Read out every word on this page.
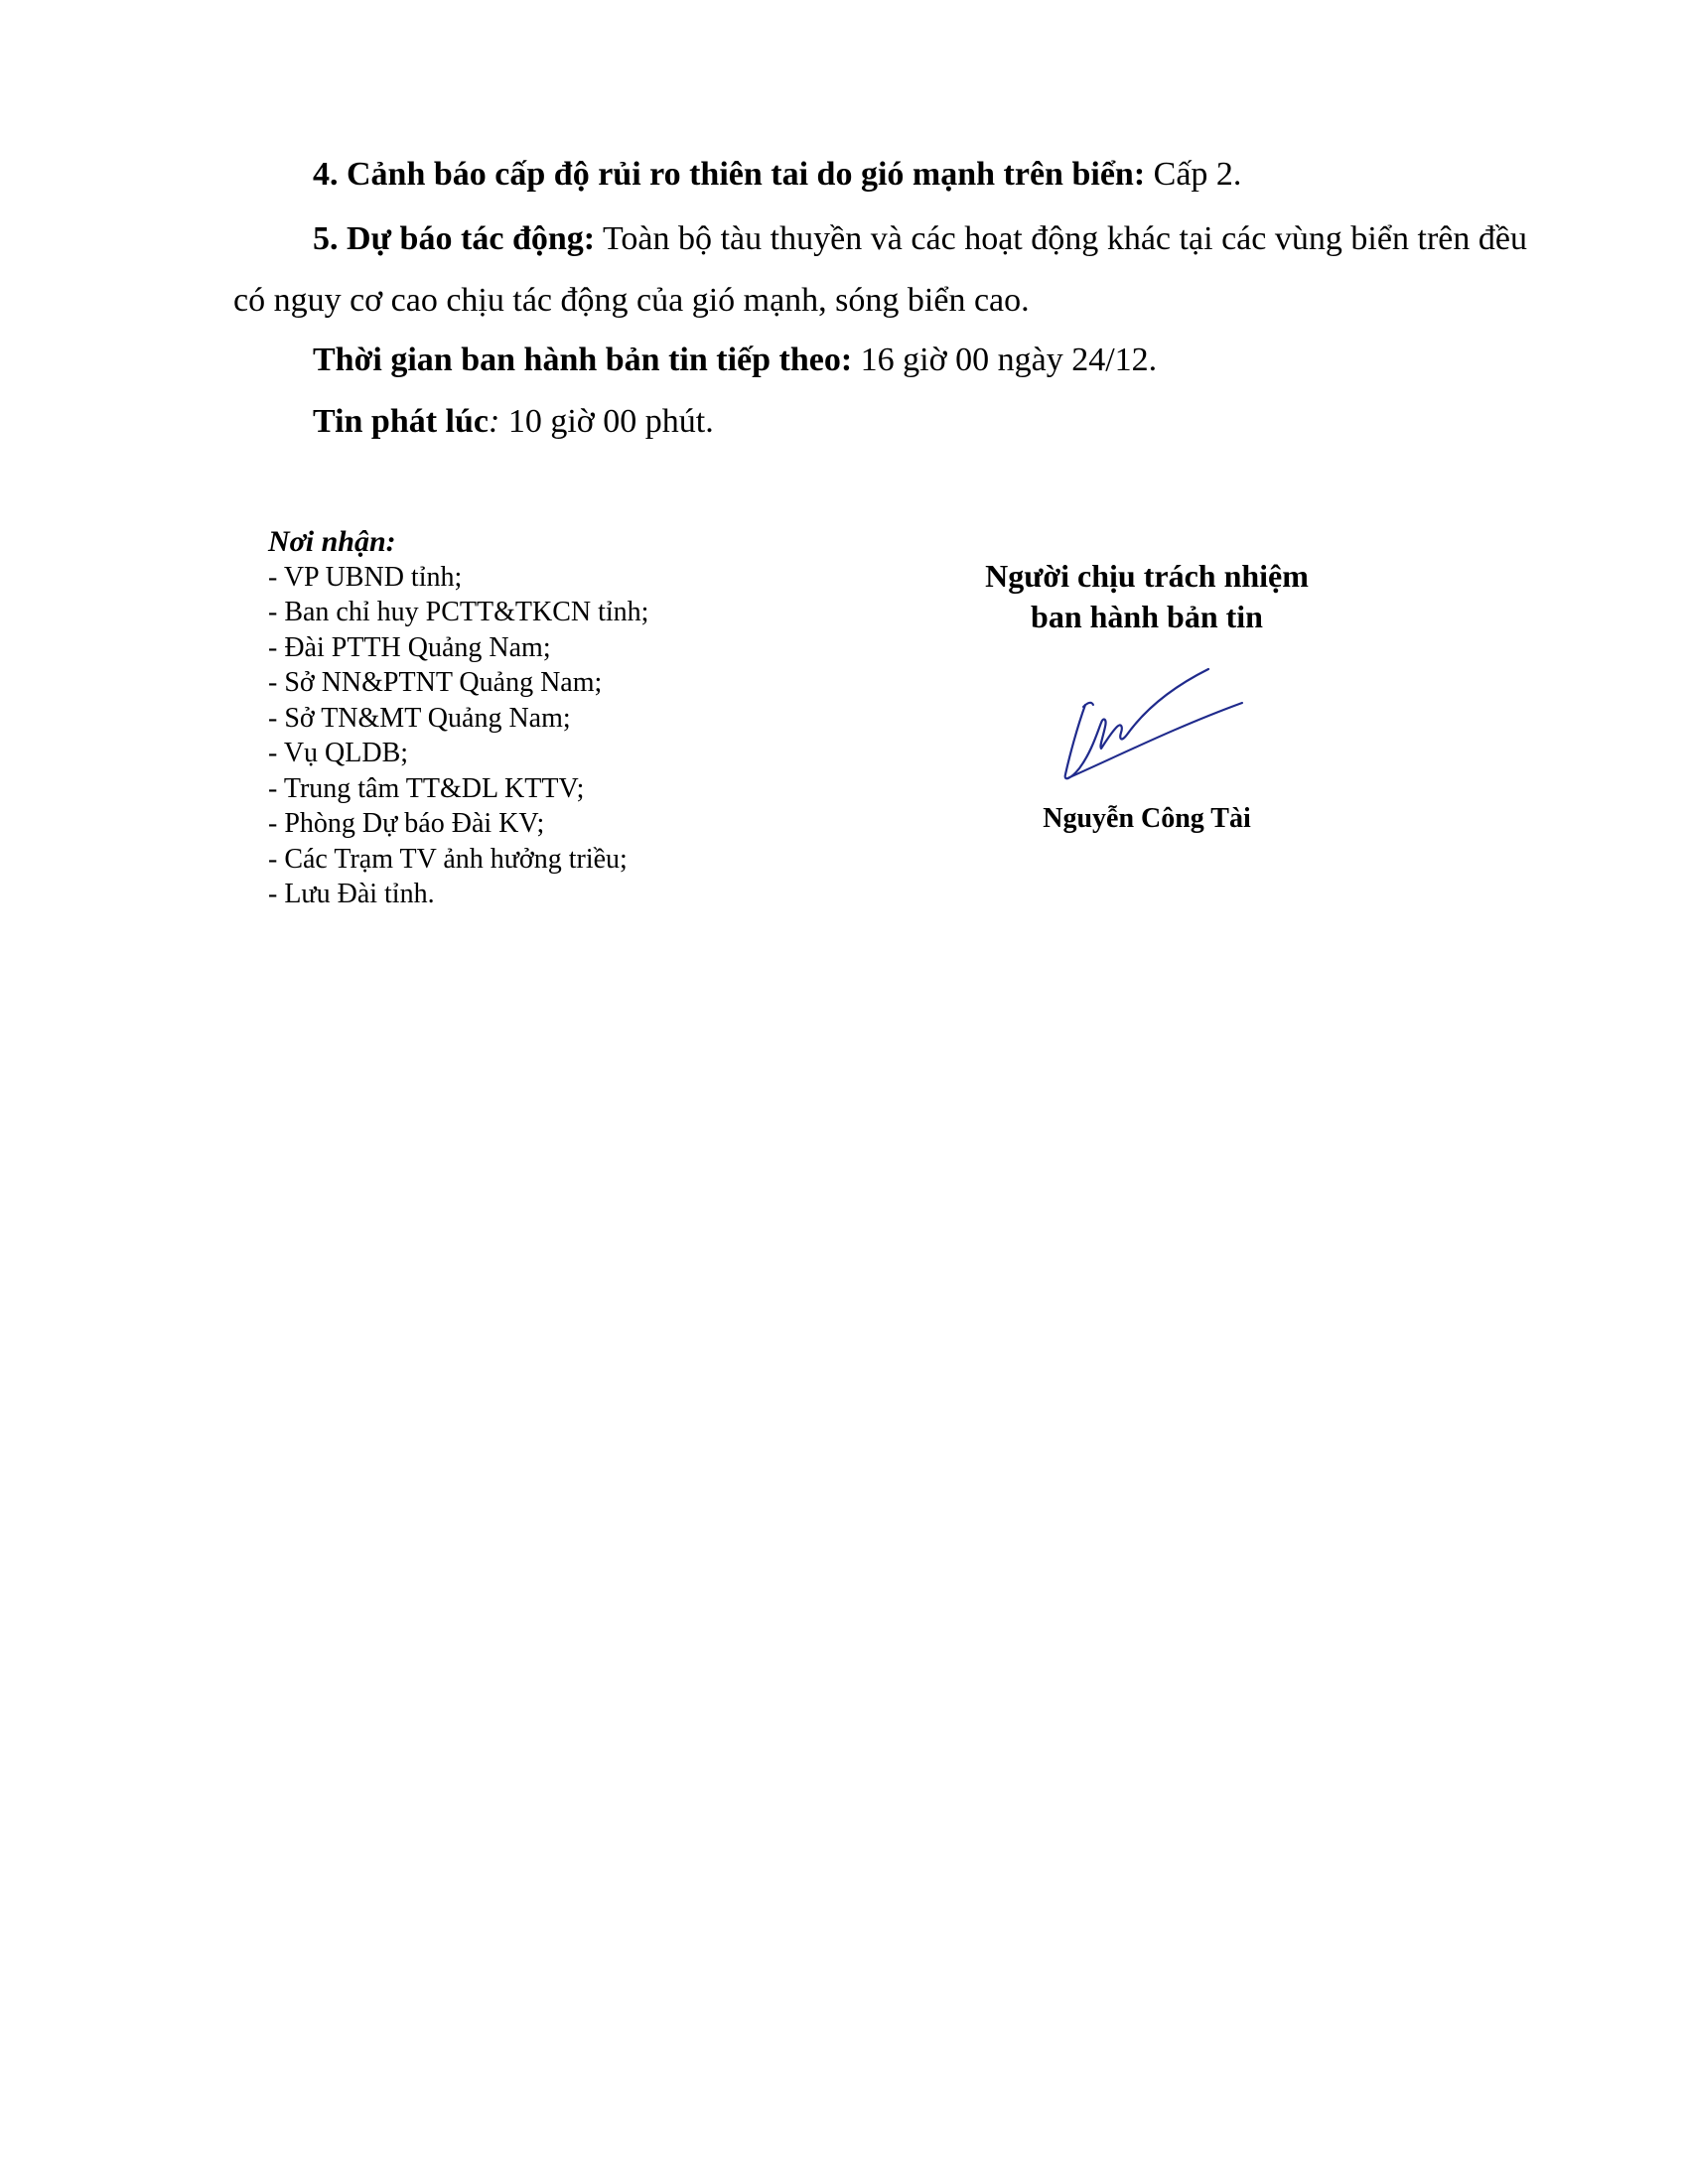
4. Cảnh báo cấp độ rủi ro thiên tai do gió mạnh trên biển: Cấp 2.

5. Dự báo tác động: Toàn bộ tàu thuyền và các hoạt động khác tại các vùng biển trên đều có nguy cơ cao chịu tác động của gió mạnh, sóng biển cao.

Thời gian ban hành bản tin tiếp theo: 16 giờ 00 ngày 24/12.

Tin phát lúc: 10 giờ 00 phút.

Nơi nhận:
- VP UBND tỉnh;
- Ban chỉ huy PCTT&TKCN tỉnh;
- Đài PTTH Quảng Nam;
- Sở NN&PTNT Quảng Nam;
- Sở TN&MT Quảng Nam;
- Vụ QLDB;
- Trung tâm TT&DL KTTV;
- Phòng Dự báo Đài KV;
- Các Trạm TV ảnh hưởng triều;
- Lưu Đài tỉnh.
Người chịu trách nhiệm
ban hành bản tin
Nguyễn Công Tài
